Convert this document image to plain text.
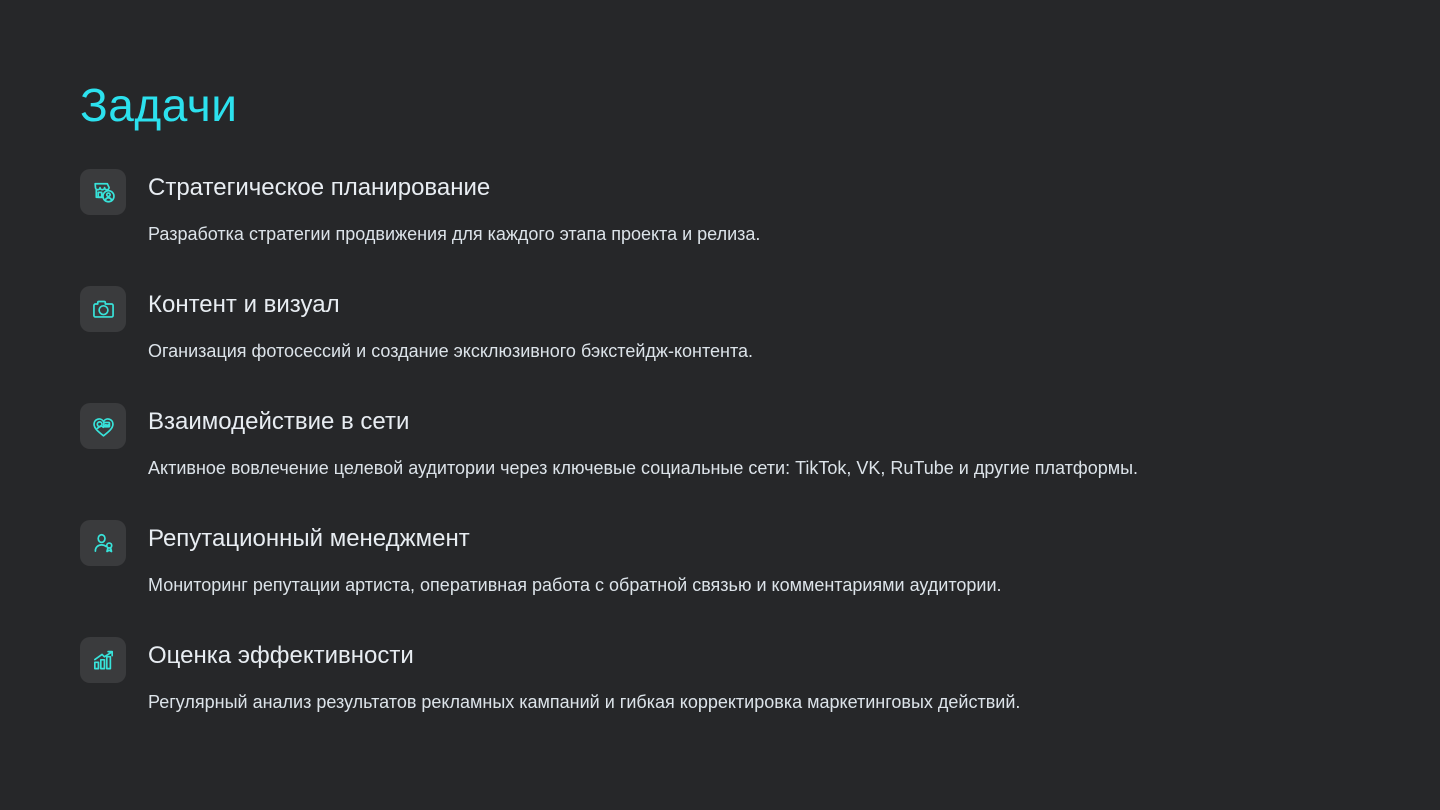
Задачи
Стратегическое планирование
Разработка стратегии продвижения для каждого этапа проекта и релиза.
Контент и визуал
Оганизация фотосессий и создание эксклюзивного бэкстейдж-контента.
Взаимодействие в сети
Активное вовлечение целевой аудитории через ключевые социальные сети: TikTok, VK, RuTube и другие платформы.
Репутационный менеджмент
Мониторинг репутации артиста, оперативная работа с обратной связью и комментариями аудитории.
Оценка эффективности
Регулярный анализ результатов рекламных кампаний и гибкая корректировка маркетинговых действий.
